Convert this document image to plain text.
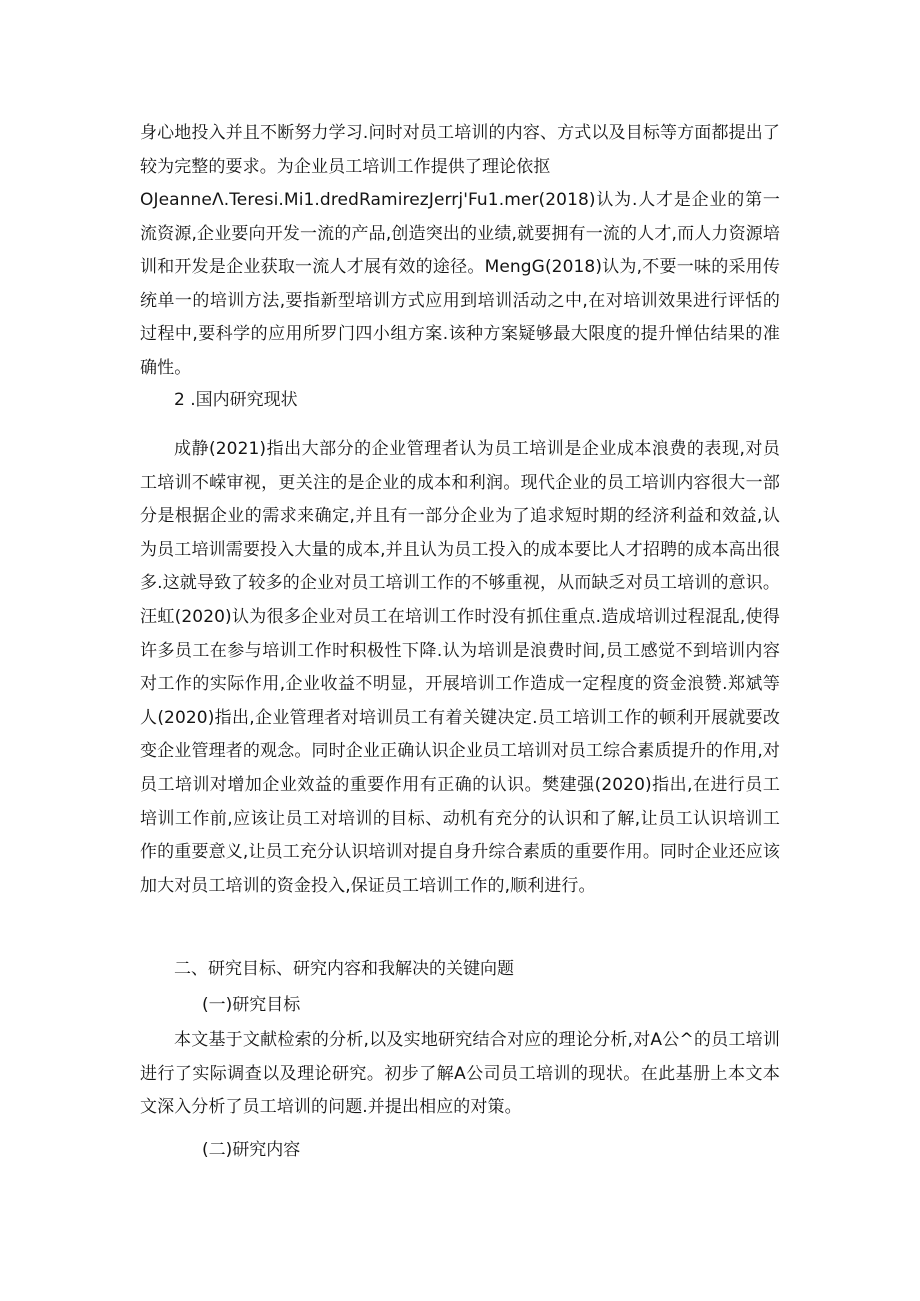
身心地投入并且不断努力学习.问时对员工培训的内容、方式以及目标等方面都提出了较为完整的要求。为企业员工培训工作提供了理论依抠

OJeanneΛ.Teresi.Mi1.dredRamirezJerrj'Fu1.mer(2018)认为.人才是企业的第一流资源,企业要向开发一流的产品,创造突出的业绩,就要拥有一流的人才,而人力资源培训和开发是企业获取一流人才展有效的途径。MengG(2018)认为,不要一味的采用传统单一的培训方法,要指新型培训方式应用到培训活动之中,在对培训效果进行评恬的过程中,要科学的应用所罗门四小组方案.该种方案疑够最大限度的提升惮估结果的准确性。

2 .国内研究现状

成静(2021)指出大部分的企业管理者认为员工培训是企业成本浪费的表现,对员工培训不嵘审视，更关注的是企业的成本和利润。现代企业的员工培训内容很大一部分是根据企业的需求来确定,并且有一部分企业为了追求短时期的经济利益和效益,认为员工培训需要投入大量的成本,并且认为员工投入的成本要比人才招聘的成本高出很多.这就导致了较多的企业对员工培训工作的不够重视，从而缺乏对员工培训的意识。汪虹(2020)认为很多企业对员工在培训工作时没有抓住重点.造成培训过程混乱,使得许多员工在参与培训工作时积极性下降.认为培训是浪费时间,员工感觉不到培训内容对工作的实际作用,企业收益不明显，开展培训工作造成一定程度的资金浪赞.郑斌等人(2020)指出,企业管理者对培训员工有着关键决定.员工培训工作的顿利开展就要改变企业管理者的观念。同时企业正确认识企业员工培训对员工综合素质提升的作用,对员工培训对增加企业效益的重要作用有正确的认识。樊建强(2020)指出,在进行员工培训工作前,应该让员工对培训的目标、动机有充分的认识和了解,让员工认识培训工作的重要意义,让员工充分认识培训对提自身升综合素质的重要作用。同时企业还应该加大对员工培训的资金投入,保证员工培训工作的,顺利进行。

二、研究目标、研究内容和我解决的关键向题
(一)研究目标

本文基于文献检索的分析,以及实地研究结合对应的理论分析,对A公^的员工培训进行了实际调查以及理论研究。初步了解A公司员工培训的现状。在此基册上本文本文深入分析了员工培训的问题.并提出相应的对策。

(二)研究内容
